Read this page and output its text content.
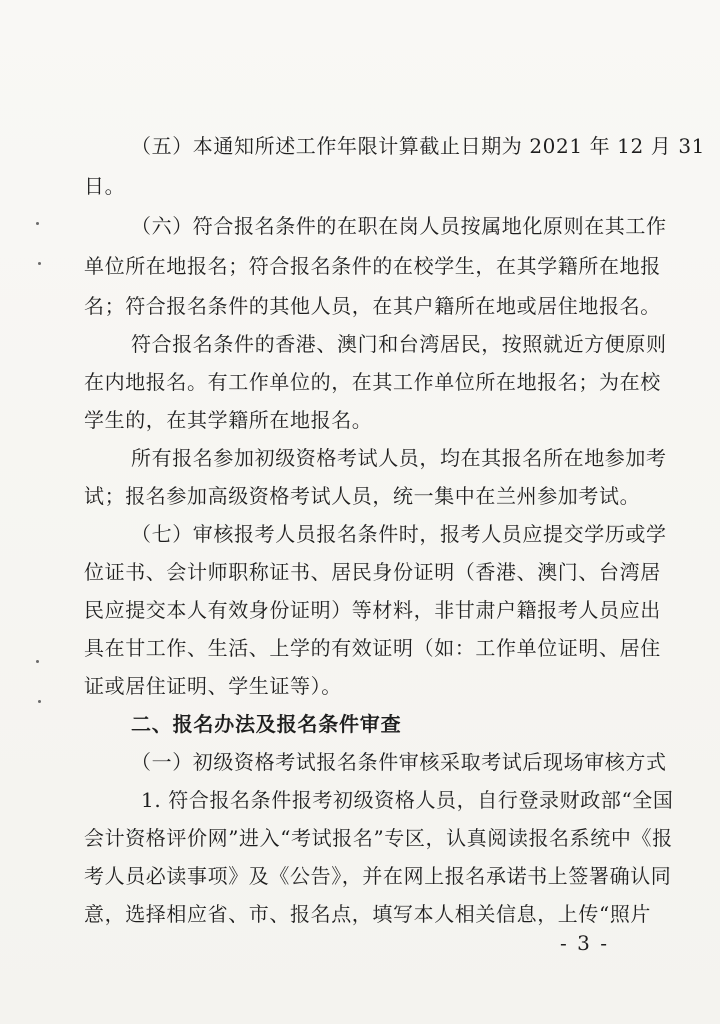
（五）本通知所述工作年限计算截止日期为 2021 年 12 月 31
日。
（六）符合报名条件的在职在岗人员按属地化原则在其工作
单位所在地报名；符合报名条件的在校学生，在其学籍所在地报
名；符合报名条件的其他人员，在其户籍所在地或居住地报名。
符合报名条件的香港、澳门和台湾居民，按照就近方便原则
在内地报名。有工作单位的，在其工作单位所在地报名；为在校
学生的，在其学籍所在地报名。
所有报名参加初级资格考试人员，均在其报名所在地参加考
试；报名参加高级资格考试人员，统一集中在兰州参加考试。
（七）审核报考人员报名条件时，报考人员应提交学历或学
位证书、会计师职称证书、居民身份证明（香港、澳门、台湾居
民应提交本人有效身份证明）等材料，非甘肃户籍报考人员应出
具在甘工作、生活、上学的有效证明（如：工作单位证明、居住
证或居住证明、学生证等）。
二、报名办法及报名条件审查
（一）初级资格考试报名条件审核采取考试后现场审核方式
1. 符合报名条件报考初级资格人员，自行登录财政部“全国
会计资格评价网”进入“考试报名”专区，认真阅读报名系统中《报
考人员必读事项》及《公告》，并在网上报名承诺书上签署确认同
意，选择相应省、市、报名点，填写本人相关信息，上传“照片
- 3 -
